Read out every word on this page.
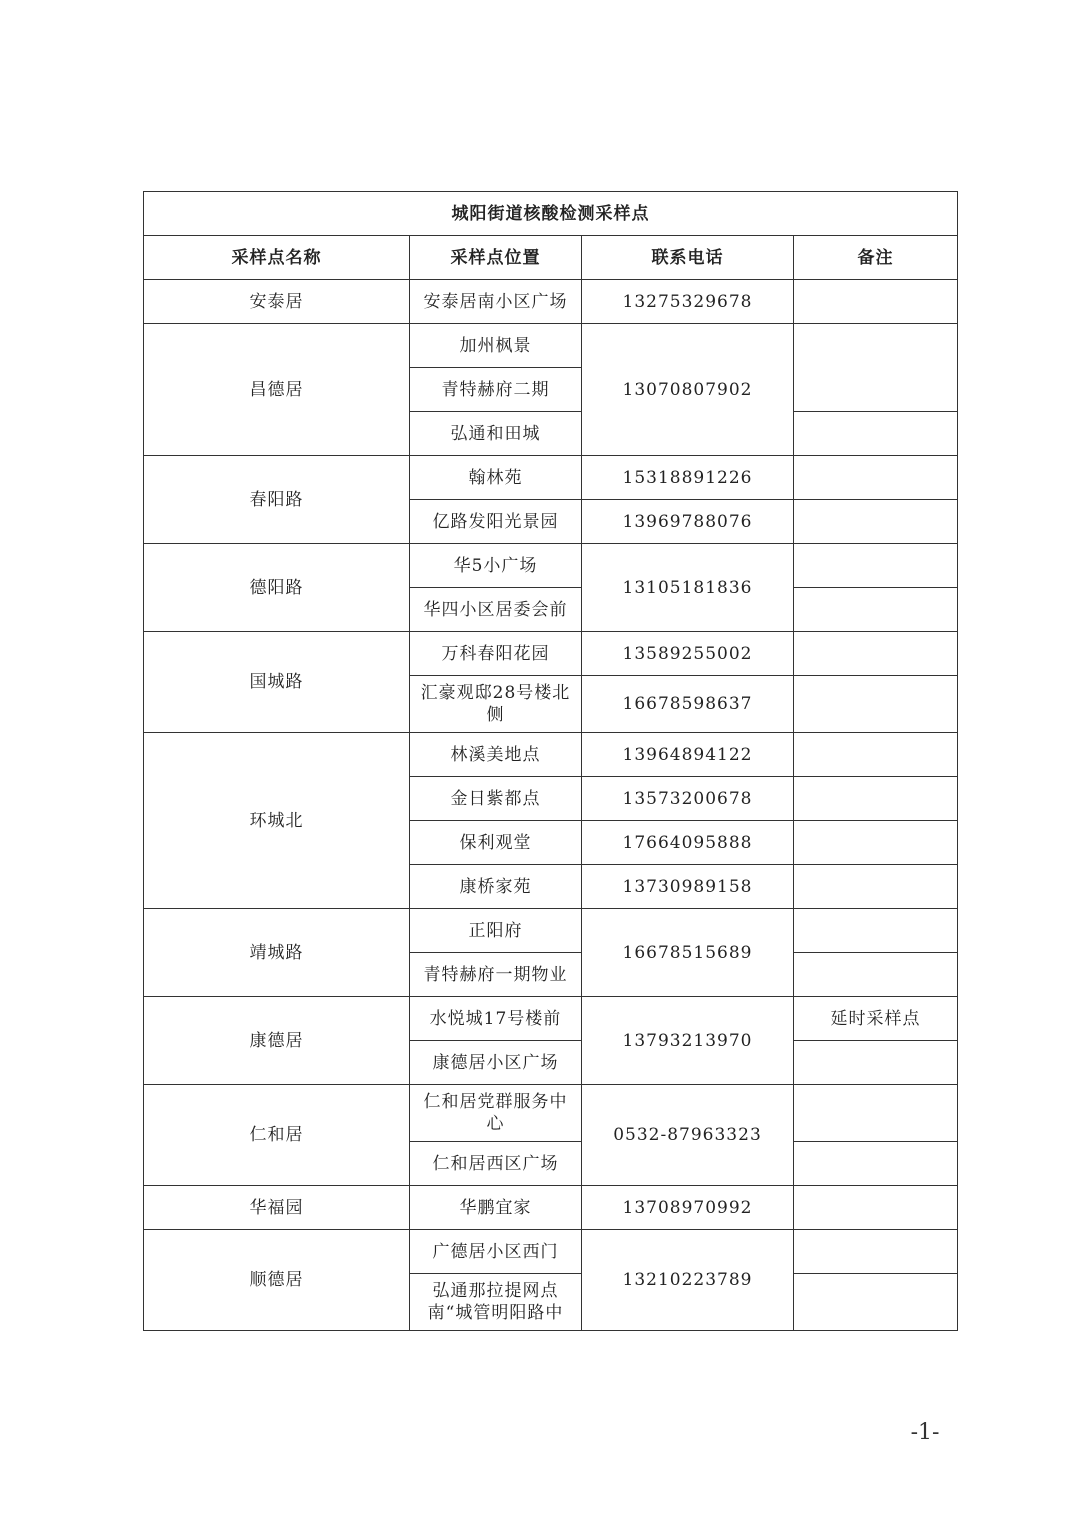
城阳街道核酸检测采样点			
采样点名称	采样点位置	联系电话	备注
安泰居	安泰居南小区广场	13275329678	
昌德居	加州枫景	13070807902	
	青特赫府二期		
	弘通和田城		
春阳路	翰林苑	15318891226	
	亿路发阳光景园	13969788076	
德阳路	华5小广场	13105181836	
	华四小区居委会前		
国城路	万科春阳花园	13589255002	
	汇豪观邸28号楼北侧	16678598637	
环城北	林溪美地点	13964894122	
	金日紫都点	13573200678	
	保利观堂	17664095888	
	康桥家苑	13730989158	
靖城路	正阳府	16678515689	
	青特赫府一期物业		
康德居	水悦城17号楼前	13793213970	延时采样点
	康德居小区广场		
仁和居	仁和居党群服务中心	0532-87963323	
	仁和居西区广场		
华福园	华鹏宜家	13708970992	
顺德居	广德居小区西门	13210223789	
	弘通那拉提网点南“城管明阳路中		
-1-
